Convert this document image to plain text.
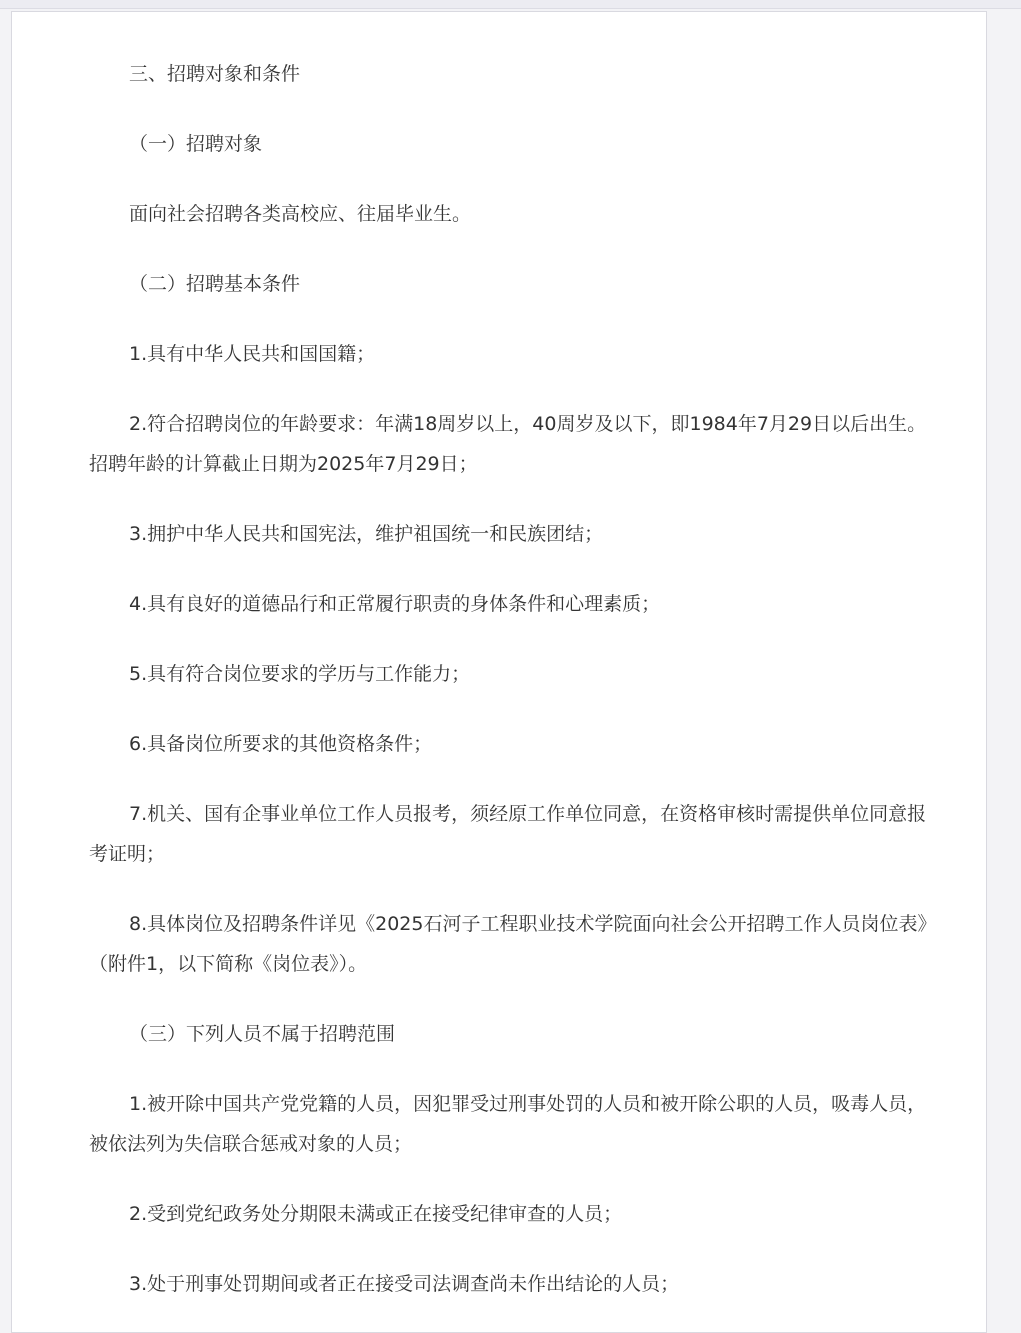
三、招聘对象和条件

（一）招聘对象

面向社会招聘各类高校应、往届毕业生。

（二）招聘基本条件

1.具有中华人民共和国国籍；

2.符合招聘岗位的年龄要求：年满18周岁以上，40周岁及以下，即1984年7月29日以后出生。招聘年龄的计算截止日期为2025年7月29日；

3.拥护中华人民共和国宪法，维护祖国统一和民族团结；

4.具有良好的道德品行和正常履行职责的身体条件和心理素质；

5.具有符合岗位要求的学历与工作能力；

6.具备岗位所要求的其他资格条件；

7.机关、国有企事业单位工作人员报考，须经原工作单位同意，在资格审核时需提供单位同意报考证明；

8.具体岗位及招聘条件详见《2025石河子工程职业技术学院面向社会公开招聘工作人员岗位表》（附件1，以下简称《岗位表》）。

（三）下列人员不属于招聘范围

1.被开除中国共产党党籍的人员，因犯罪受过刑事处罚的人员和被开除公职的人员，吸毒人员，被依法列为失信联合惩戒对象的人员；

2.受到党纪政务处分期限未满或正在接受纪律审查的人员；

3.处于刑事处罚期间或者正在接受司法调查尚未作出结论的人员；
